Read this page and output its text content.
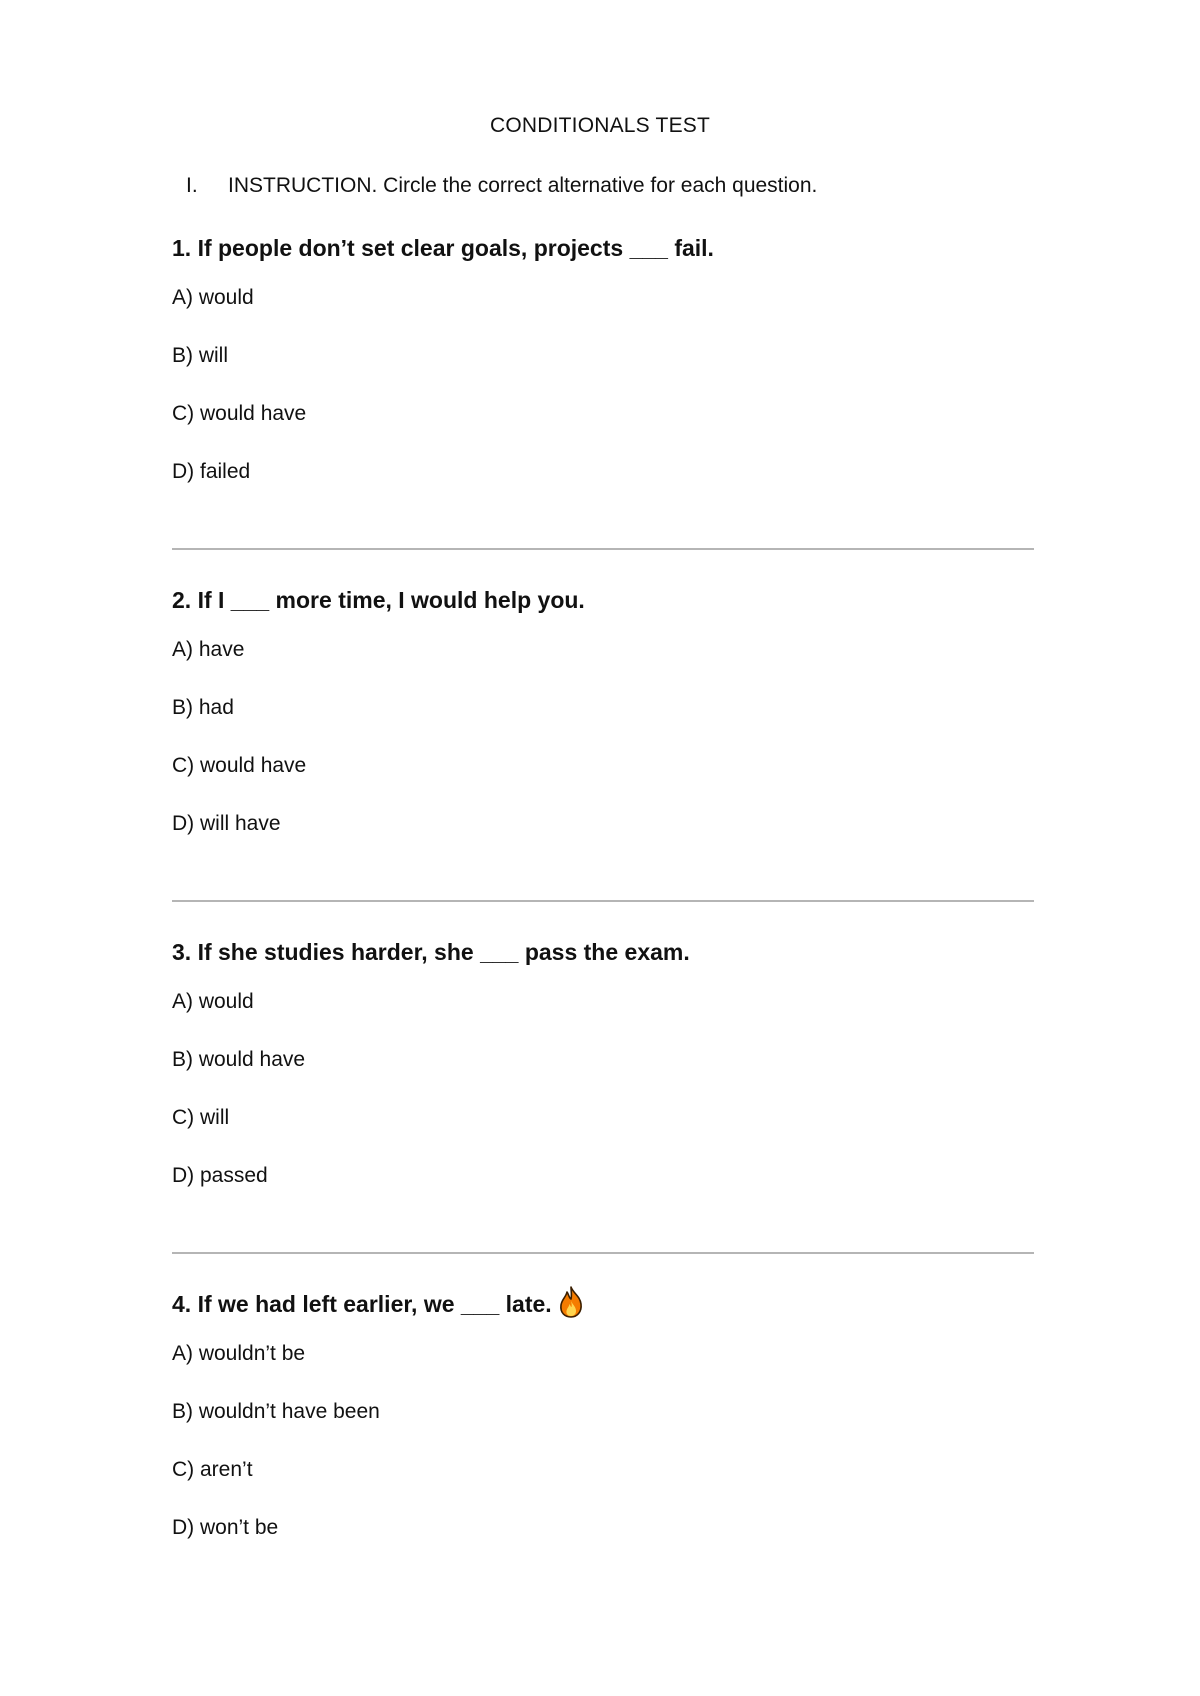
CONDITIONALS TEST
I. INSTRUCTION. Circle the correct alternative for each question.
1. If people don’t set clear goals, projects ___ fail.
A) would
B) will
C) would have
D) failed
2. If I ___ more time, I would help you.
A) have
B) had
C) would have
D) will have
3. If she studies harder, she ___ pass the exam.
A) would
B) would have
C) will
D) passed
4. If we had left earlier, we ___ late.
A) wouldn’t be
B) wouldn’t have been
C) aren’t
D) won’t be
